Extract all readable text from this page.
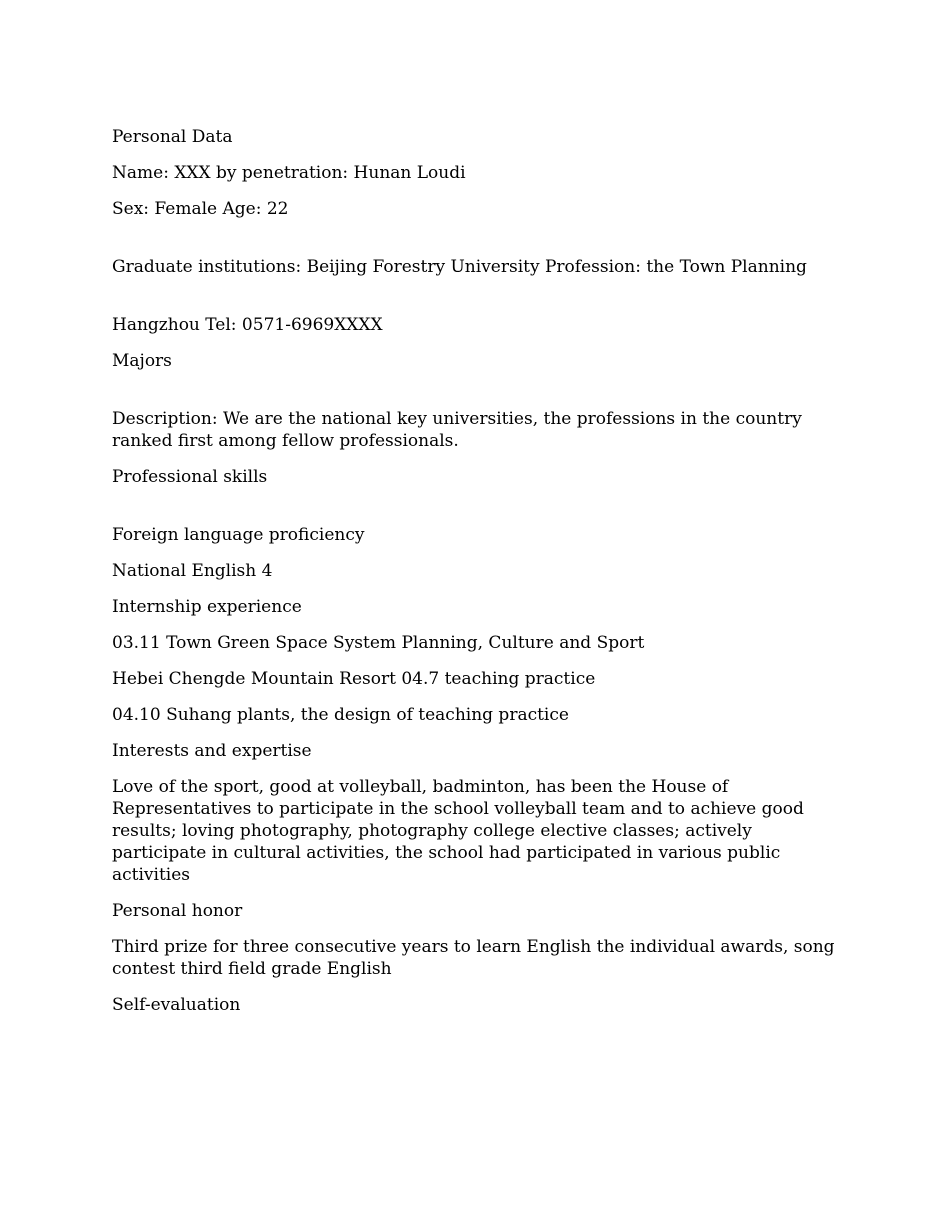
Personal Data

Name: XXX by penetration: Hunan Loudi

Sex: Female Age: 22

Graduate institutions: Beijing Forestry University Profession: the Town Planning

Hangzhou Tel: 0571-6969XXXX

Majors

Description: We are the national key universities, the professions in the country ranked first among fellow professionals.

Professional skills

Foreign language proficiency

National English 4

Internship experience

03.11 Town Green Space System Planning, Culture and Sport

Hebei Chengde Mountain Resort 04.7 teaching practice

04.10 Suhang plants, the design of teaching practice

Interests and expertise

Love of the sport, good at volleyball, badminton, has been the House of Representatives to participate in the school volleyball team and to achieve good results; loving photography, photography college elective classes; actively participate in cultural activities, the school had participated in various public activities

Personal honor

Third prize for three consecutive years to learn English the individual awards, song contest third field grade English

Self-evaluation
